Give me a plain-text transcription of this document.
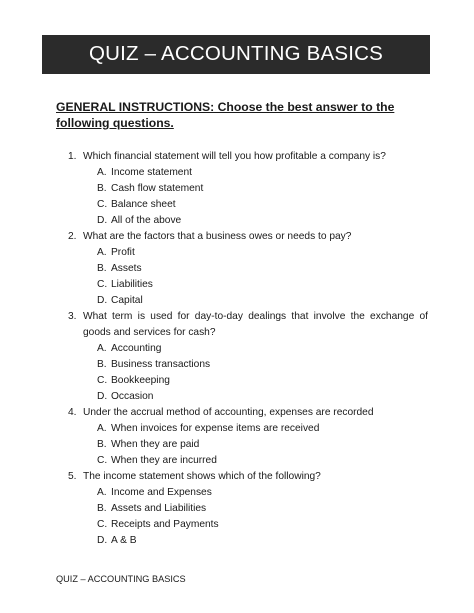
QUIZ – ACCOUNTING BASICS
GENERAL INSTRUCTIONS: Choose the best answer to the following questions.
1. Which financial statement will tell you how profitable a company is?
A. Income statement
B. Cash flow statement
C. Balance sheet
D. All of the above
2. What are the factors that a business owes or needs to pay?
A. Profit
B. Assets
C. Liabilities
D. Capital
3. What term is used for day-to-day dealings that involve the exchange of goods and services for cash?
A. Accounting
B. Business transactions
C. Bookkeeping
D. Occasion
4. Under the accrual method of accounting, expenses are recorded
A. When invoices for expense items are received
B. When they are paid
C. When they are incurred
5. The income statement shows which of the following?
A. Income and Expenses
B. Assets and Liabilities
C. Receipts and Payments
D. A & B
QUIZ – ACCOUNTING BASICS
